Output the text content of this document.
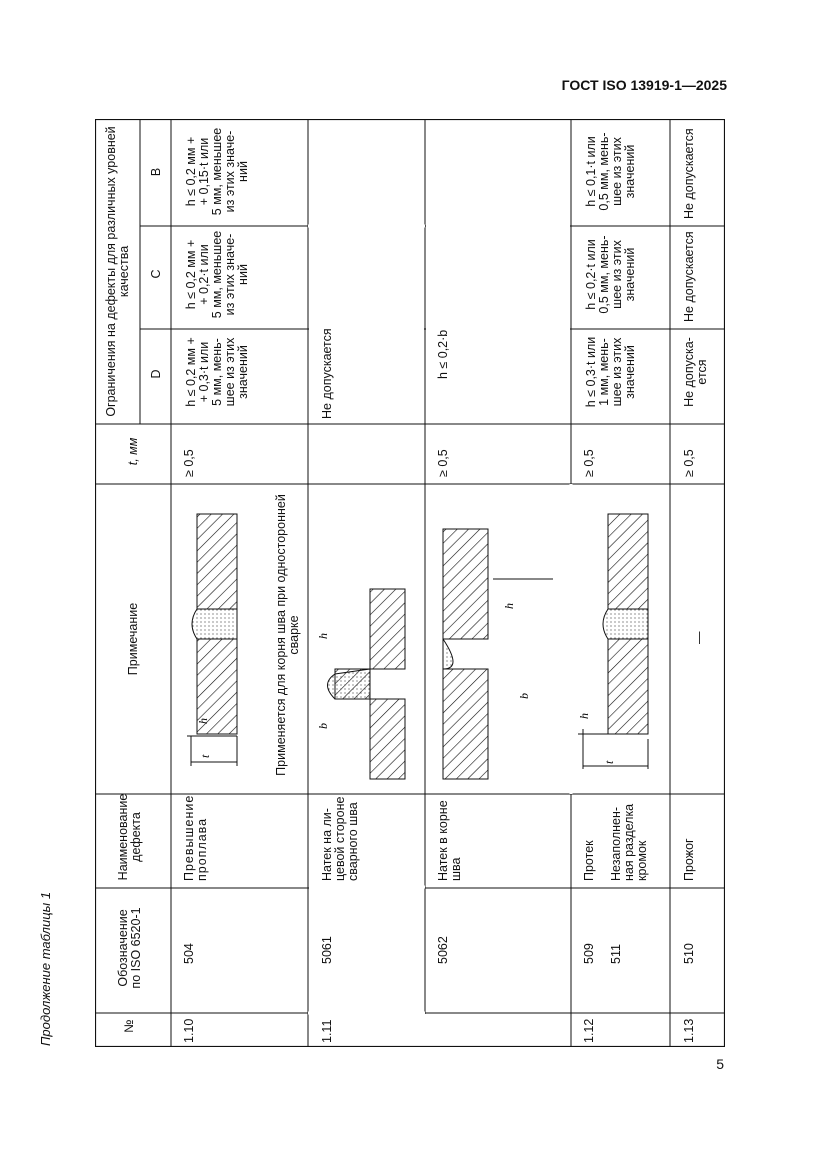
ГОСТ ISO 13919-1—2025
Продолжение таблицы 1
5
№
Обозначение по ISO 6520-1
Наименование дефекта
Примечание
t, мм
Ограничения на дефекты для различных уровней качества
D
C
B
1.10
504
Превышение проплава
Применяется для корня шва при односторонней сварке
≥ 0,5
h ≤ 0,2 мм + + 0,3·t или 5 мм, мень- шее из этих значений
h ≤ 0,2 мм + + 0,2·t или 5 мм, меньшее из этих значе- ний
h ≤ 0,2 мм + + 0,15·t или 5 мм, меньшее из этих значе- ний
1.11
5061
Натек на ли- цевой стороне сварного шва
Не допускается
5062
Натек в корне шва
≥ 0,5
h ≤ 0,2·b
1.12
509 511
Протек Незаполнен- ная разделка кромок
≥ 0,5
h ≤ 0,3·t или 1 мм, мень- шее из этих значений
h ≤ 0,2·t или 0,5 мм, мень- шее из этих значений
h ≤ 0,1·t или 0,5 мм, мень- шее из этих значений
1.13
510
Прожог
—
≥ 0,5
Не допуска- ется
Не допускается
Не допускается
t
h
b
h
h
b
t
h
